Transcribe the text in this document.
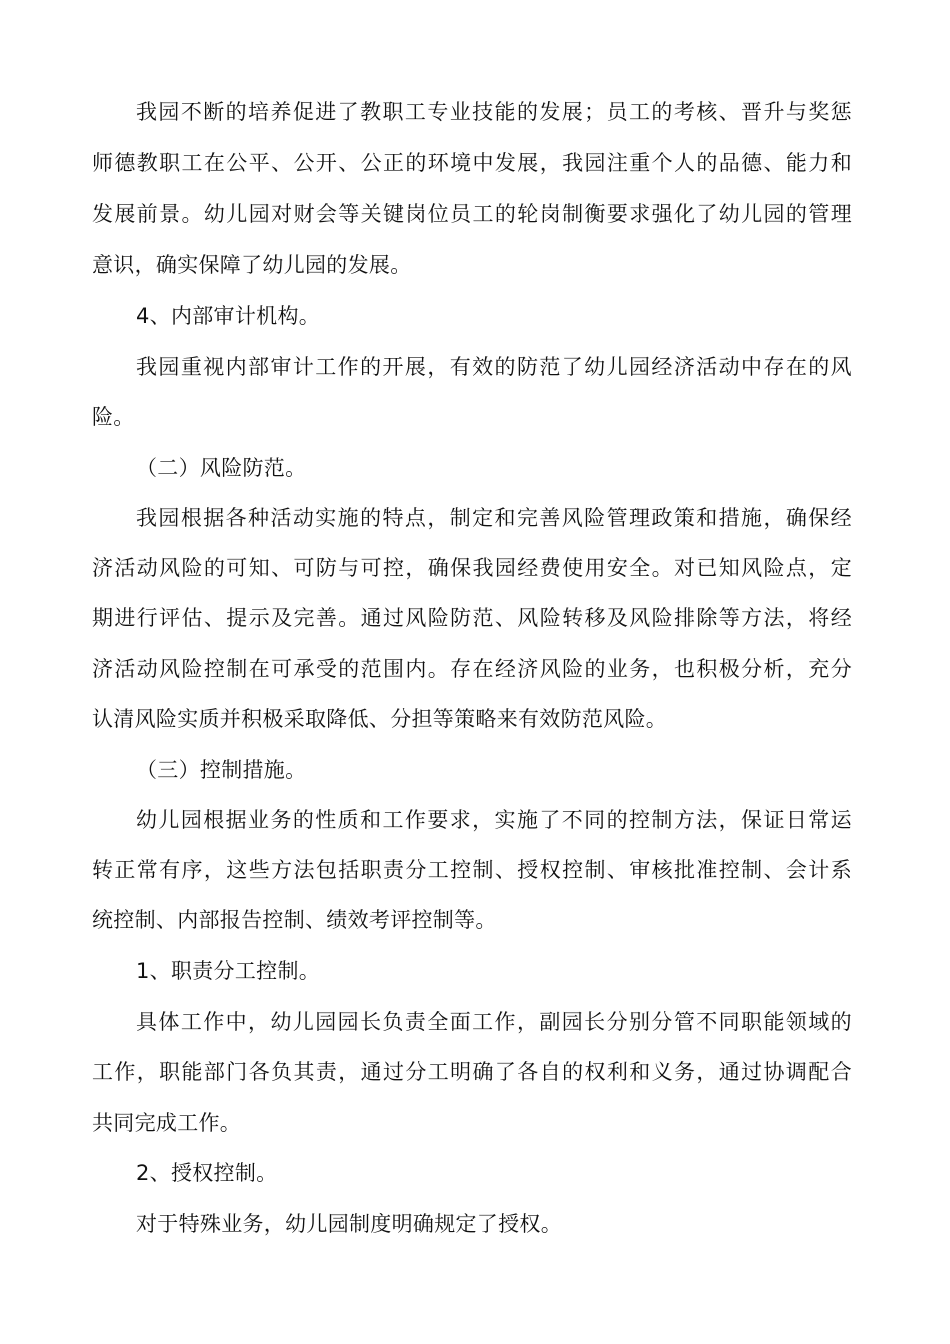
我园不断的培养促进了教职工专业技能的发展；员工的考核、晋升与奖惩
师德教职工在公平、公开、公正的环境中发展，我园注重个人的品德、能力和
发展前景。幼儿园对财会等关键岗位员工的轮岗制衡要求强化了幼儿园的管理
意识，确实保障了幼儿园的发展。
4、内部审计机构。
我园重视内部审计工作的开展，有效的防范了幼儿园经济活动中存在的风
险。
（二）风险防范。
我园根据各种活动实施的特点，制定和完善风险管理政策和措施，确保经
济活动风险的可知、可防与可控，确保我园经费使用安全。对已知风险点，定
期进行评估、提示及完善。通过风险防范、风险转移及风险排除等方法，将经
济活动风险控制在可承受的范围内。存在经济风险的业务，也积极分析，充分
认清风险实质并积极采取降低、分担等策略来有效防范风险。
（三）控制措施。
幼儿园根据业务的性质和工作要求，实施了不同的控制方法，保证日常运
转正常有序，这些方法包括职责分工控制、授权控制、审核批准控制、会计系
统控制、内部报告控制、绩效考评控制等。
1、职责分工控制。
具体工作中，幼儿园园长负责全面工作，副园长分别分管不同职能领域的
工作，职能部门各负其责，通过分工明确了各自的权利和义务，通过协调配合
共同完成工作。
2、授权控制。
对于特殊业务，幼儿园制度明确规定了授权。
